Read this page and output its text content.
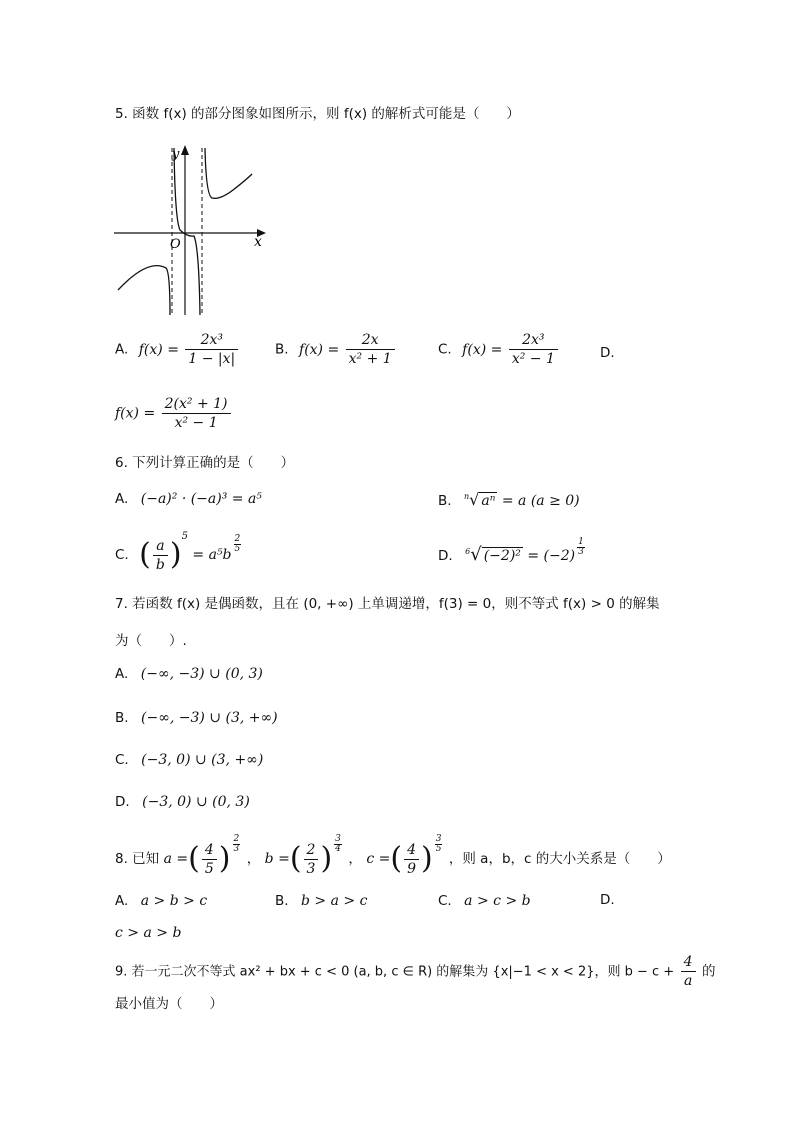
5. 函数 f(x) 的部分图象如图所示，则 f(x) 的解析式可能是（　　）
y
x
O
A. $f(x) = \frac{\text{2x³}}{1 - |x|}$	B. $f(x) = \frac{2x}{\text{x² + 1}}$	C. $f(x) = \frac{\text{2x³}}{\text{x² − 1}}$	D.
$f(x) = \frac{\text{2(x² + 1)}}{\text{x² − 1}}$
6. 下列计算正确的是（　　）
A. (−a)² · (−a)³ = a⁵	B. $^n$√ aⁿ = a (a ≥ 0)
C. ( $\frac{a}{b} )^5 = a^5b$
$^{\frac{2}{5}}$
D. $^6$√ (−2)² = (−2) $^{\frac{1}{3}}$
7. 若函数 f(x) 是偶函数，且在 (0, +∞) 上单调递增，f(3) = 0，则不等式 f(x) > 0 的解集
为（　　）.
A. (−∞, −3) ∪ (0, 3)
B. (−∞, −3) ∪ (3, +∞)
C. (−3, 0) ∪ (3, +∞)
D. (−3, 0) ∪ (0, 3)
8. 已知 a =( $\frac{4}{5}$ ) $^{\frac{2}{3}}$
， b =( $\frac{2}{3}$ ) $^{\frac{3}{4}}$
， c =( $\frac{4}{9}$ ) $^{\frac{3}{5}}$
，则 a，b，c 的大小关系是（　　）
A. a > b > c	B. b > a > c	C. a > c > b	D.
c > a > b
9. 若一元二次不等式 ax² + bx + c < 0 (a, b, c ∈ R) 的解集为 {x|−1 < x < 2}，则 $b - c + \frac{4}{a}$ 的
最小值为（　　）
